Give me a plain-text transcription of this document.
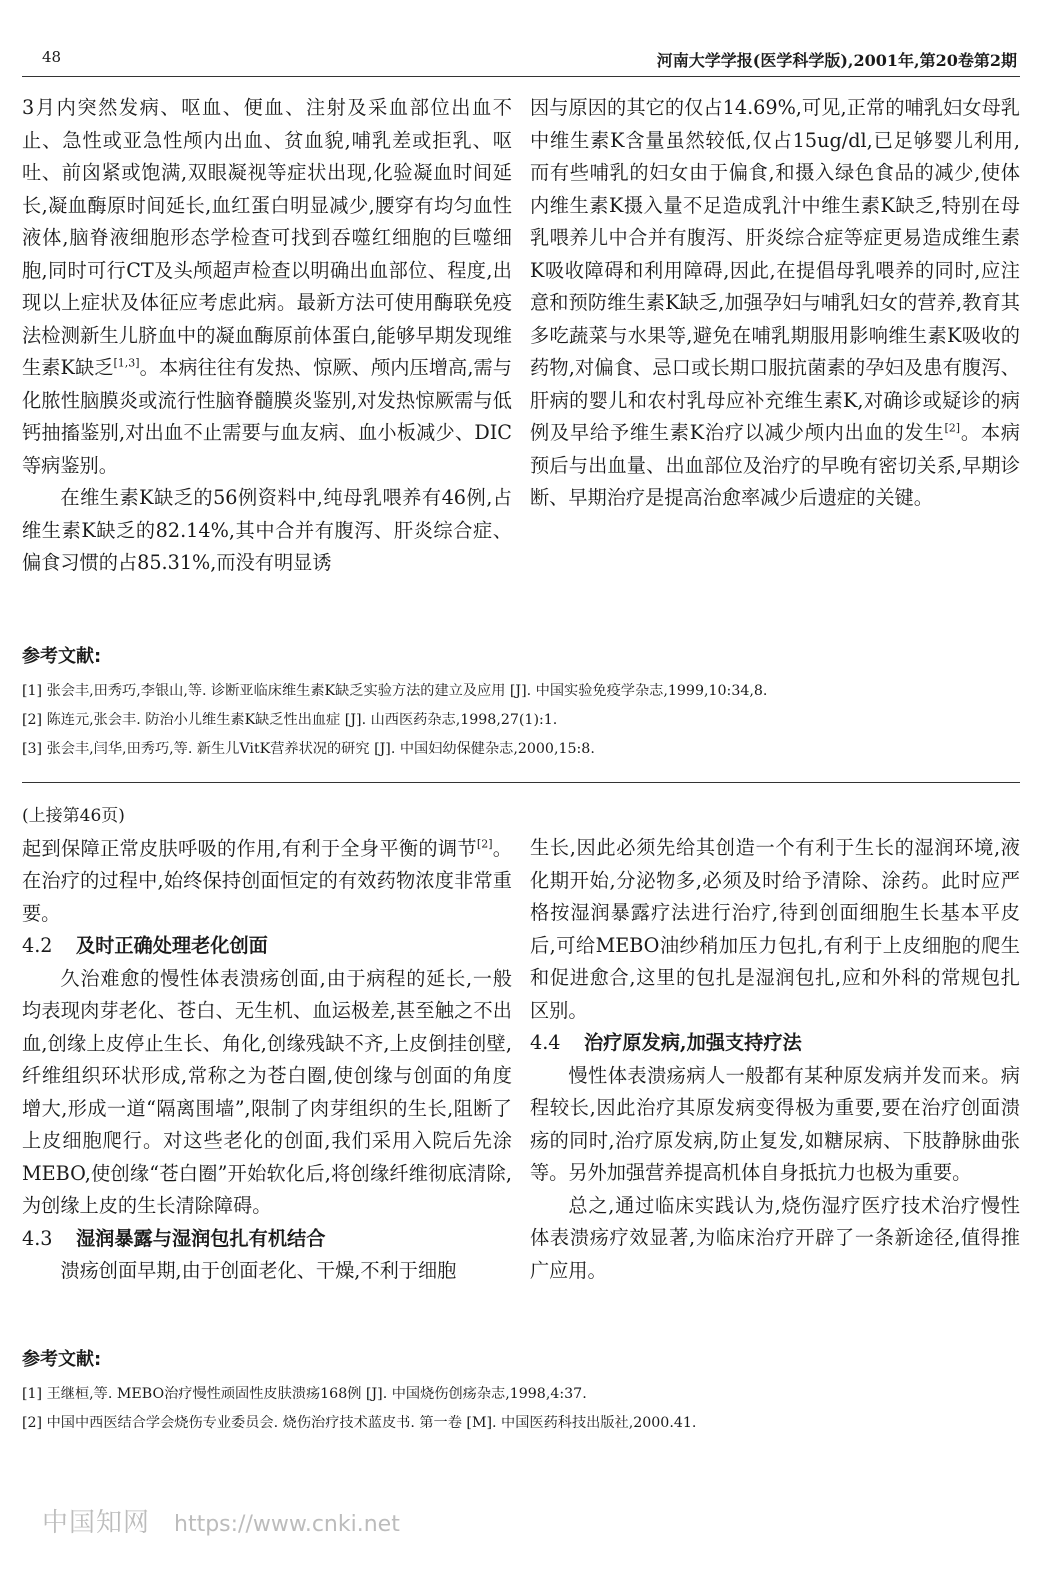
48	河南大学学报(医学科学版),2001年,第20卷第2期

3月内突然发病、呕血、便血、注射及采血部位出血不止、急性或亚急性颅内出血、贫血貌,哺乳差或拒乳、呕吐、前囟紧或饱满,双眼凝视等症状出现,化验凝血时间延长,凝血酶原时间延长,血红蛋白明显减少,腰穿有均匀血性液体,脑脊液细胞形态学检查可找到吞噬红细胞的巨噬细胞,同时可行CT及头颅超声检查以明确出血部位、程度,出现以上症状及体征应考虑此病。最新方法可使用酶联免疫法检测新生儿脐血中的凝血酶原前体蛋白,能够早期发现维生素K缺乏[1,3]。本病往往有发热、惊厥、颅内压增高,需与化脓性脑膜炎或流行性脑脊髓膜炎鉴别,对发热惊厥需与低钙抽搐鉴别,对出血不止需要与血友病、血小板减少、DIC等病鉴别。

在维生素K缺乏的56例资料中,纯母乳喂养有46例,占维生素K缺乏的82.14%,其中合并有腹泻、肝炎综合症、偏食习惯的占85.31%,而没有明显诱

因与原因的其它的仅占14.69%,可见,正常的哺乳妇女母乳中维生素K含量虽然较低,仅占15ug/dl,已足够婴儿利用,而有些哺乳的妇女由于偏食,和摄入绿色食品的减少,使体内维生素K摄入量不足造成乳汁中维生素K缺乏,特别在母乳喂养儿中合并有腹泻、肝炎综合症等症更易造成维生素K吸收障碍和利用障碍,因此,在提倡母乳喂养的同时,应注意和预防维生素K缺乏,加强孕妇与哺乳妇女的营养,教育其多吃蔬菜与水果等,避免在哺乳期服用影响维生素K吸收的药物,对偏食、忌口或长期口服抗菌素的孕妇及患有腹泻、肝病的婴儿和农村乳母应补充维生素K,对确诊或疑诊的病例及早给予维生素K治疗以减少颅内出血的发生[2]。本病预后与出血量、出血部位及治疗的早晚有密切关系,早期诊断、早期治疗是提高治愈率减少后遗症的关键。

参考文献:
[1] 张会丰,田秀巧,李银山,等. 诊断亚临床维生素K缺乏实验方法的建立及应用 [J]. 中国实验免疫学杂志,1999,10:34,8.
[2] 陈连元,张会丰. 防治小儿维生素K缺乏性出血症 [J]. 山西医药杂志,1998,27(1):1.
[3] 张会丰,闫华,田秀巧,等. 新生儿VitK营养状况的研究 [J]. 中国妇幼保健杂志,2000,15:8.

(上接第46页)

起到保障正常皮肤呼吸的作用,有利于全身平衡的调节[2]。在治疗的过程中,始终保持创面恒定的有效药物浓度非常重要。

4.2 及时正确处理老化创面

久治难愈的慢性体表溃疡创面,由于病程的延长,一般均表现肉芽老化、苍白、无生机、血运极差,甚至触之不出血,创缘上皮停止生长、角化,创缘残缺不齐,上皮倒挂创壁,纤维组织环状形成,常称之为苍白圈,使创缘与创面的角度增大,形成一道“隔离围墙”,限制了肉芽组织的生长,阻断了上皮细胞爬行。对这些老化的创面,我们采用入院后先涂MEBO,使创缘“苍白圈”开始软化后,将创缘纤维彻底清除,为创缘上皮的生长清除障碍。

4.3 湿润暴露与湿润包扎有机结合

溃疡创面早期,由于创面老化、干燥,不利于细胞

生长,因此必须先给其创造一个有利于生长的湿润环境,液化期开始,分泌物多,必须及时给予清除、涂药。此时应严格按湿润暴露疗法进行治疗,待到创面细胞生长基本平皮后,可给MEBO油纱稍加压力包扎,有利于上皮细胞的爬生和促进愈合,这里的包扎是湿润包扎,应和外科的常规包扎区别。

4.4 治疗原发病,加强支持疗法

慢性体表溃疡病人一般都有某种原发病并发而来。病程较长,因此治疗其原发病变得极为重要,要在治疗创面溃疡的同时,治疗原发病,防止复发,如糖尿病、下肢静脉曲张等。另外加强营养提高机体自身抵抗力也极为重要。

总之,通过临床实践认为,烧伤湿疗医疗技术治疗慢性体表溃疡疗效显著,为临床治疗开辟了一条新途径,值得推广应用。

参考文献:
[1] 王继桓,等. MEBO治疗慢性顽固性皮肤溃疡168例 [J]. 中国烧伤创疡杂志,1998,4:37.
[2] 中国中西医结合学会烧伤专业委员会. 烧伤治疗技术蓝皮书. 第一卷 [M]. 中国医药科技出版社,2000.41.
中国知网 https://www.cnki.net
